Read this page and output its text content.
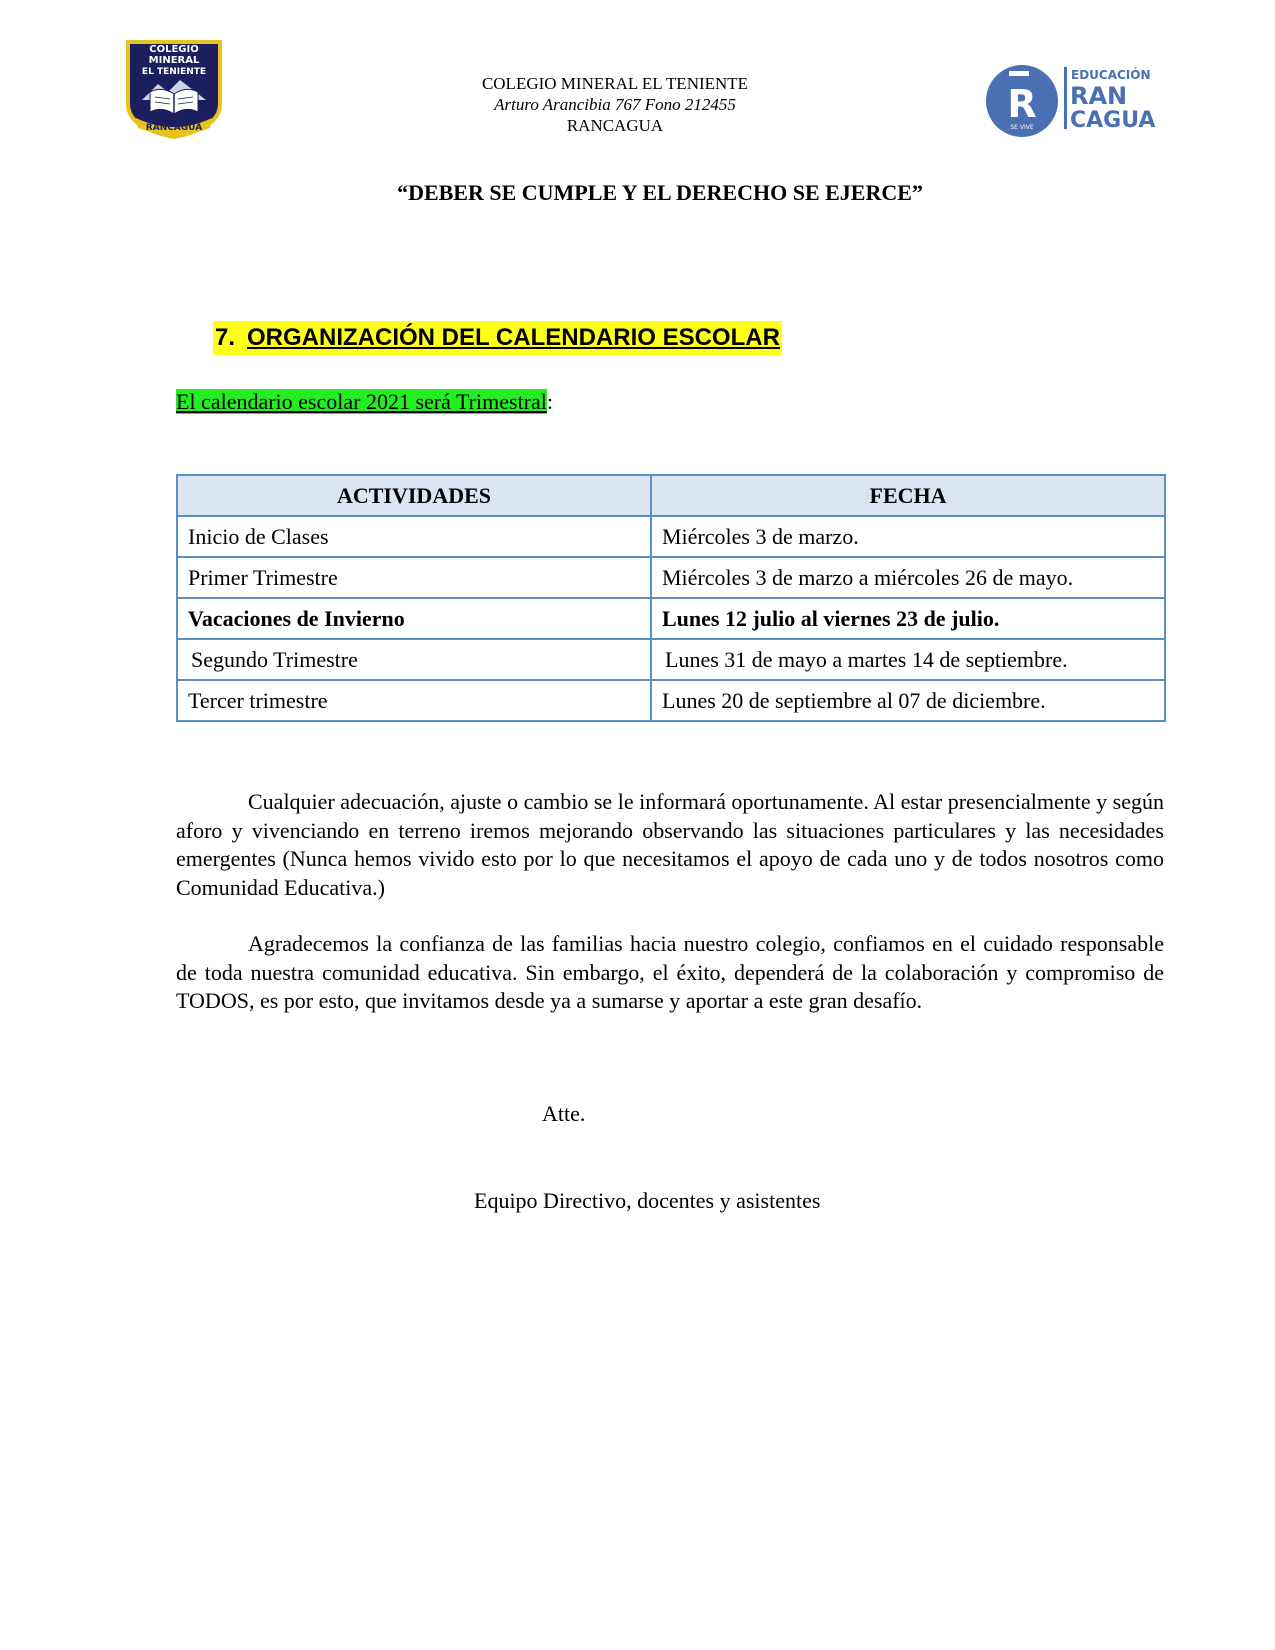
COLEGIO
MINERAL
EL TENIENTE
RANCAGUA
COLEGIO MINERAL EL TENIENTE
Arturo Arancibia 767 Fono 212455
RANCAGUA	R
SE VIVE
EDUCACIÓN
RAN
CAGUA
“DEBER SE CUMPLE Y EL DERECHO SE EJERCE”
7. ORGANIZACIÓN DEL CALENDARIO ESCOLAR
El calendario escolar 2021 será Trimestral:
ACTIVIDADES	FECHA
Inicio de Clases	Miércoles 3 de marzo.
Primer Trimestre	Miércoles 3 de marzo a miércoles 26 de mayo.
Vacaciones de Invierno	Lunes 12 julio al viernes 23 de julio.
Segundo Trimestre	Lunes 31 de mayo a martes 14 de septiembre.
Tercer trimestre	Lunes 20 de septiembre al 07 de diciembre.
Cualquier adecuación, ajuste o cambio se le informará oportunamente. Al estar presencialmente y según aforo y vivenciando en terreno iremos mejorando observando las situaciones particulares y las necesidades emergentes (Nunca hemos vivido esto por lo que necesitamos el apoyo de cada uno y de todos nosotros como Comunidad Educativa.)
Agradecemos la confianza de las familias hacia nuestro colegio, confiamos en el cuidado responsable de toda nuestra comunidad educativa. Sin embargo, el éxito, dependerá de la colaboración y compromiso de TODOS, es por esto, que invitamos desde ya a sumarse y aportar a este gran desafío.
Atte.
Equipo Directivo, docentes y asistentes
